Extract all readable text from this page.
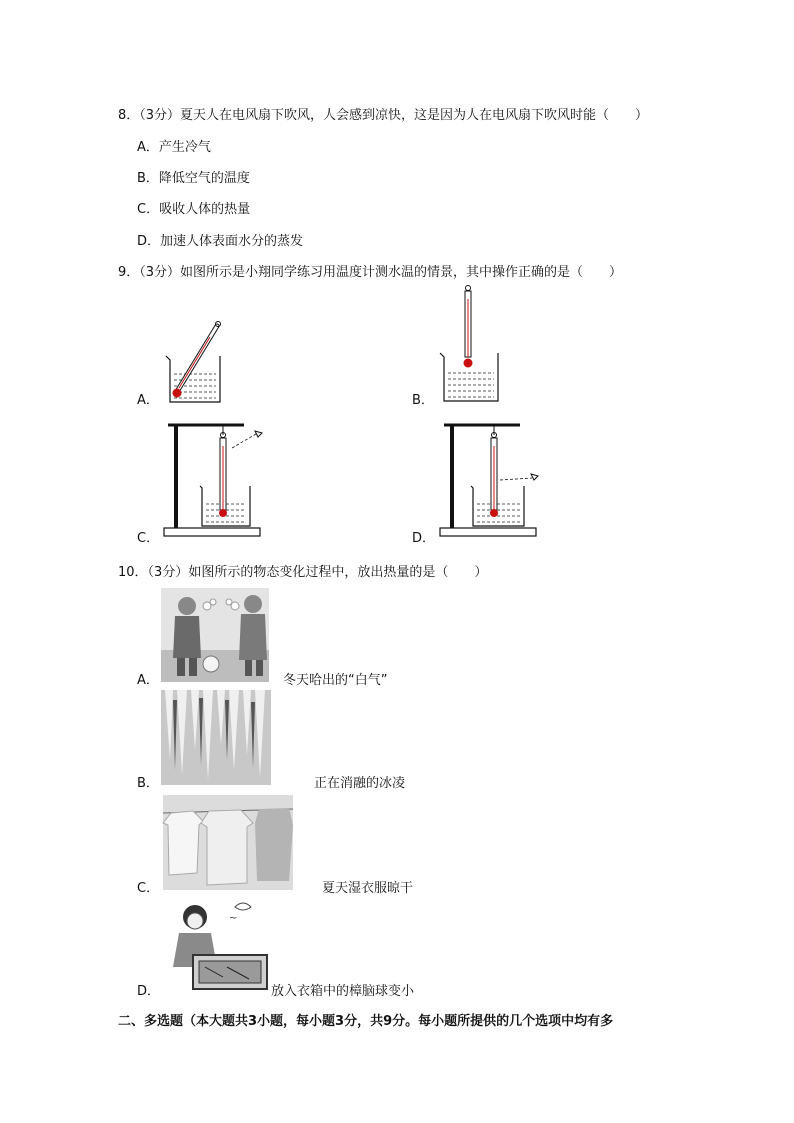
8．（3分）夏天人在电风扇下吹风，人会感到凉快，这是因为人在电风扇下吹风时能（　　）
A．产生冷气
B．降低空气的温度
C．吸收人体的热量
D．加速人体表面水分的蒸发
9．（3分）如图所示是小翔同学练习用温度计测水温的情景，其中操作正确的是（　　）
A．	B．
C．	D．
10．（3分）如图所示的物态变化过程中，放出热量的是（　　）
A．	冬天哈出的“白气”
B．	正在消融的冰凌
C．	夏天湿衣服晾干
D．
~
放入衣箱中的樟脑球变小
二、多选题（本大题共3小题，每小题3分，共9分。每小题所提供的几个选项中均有多
